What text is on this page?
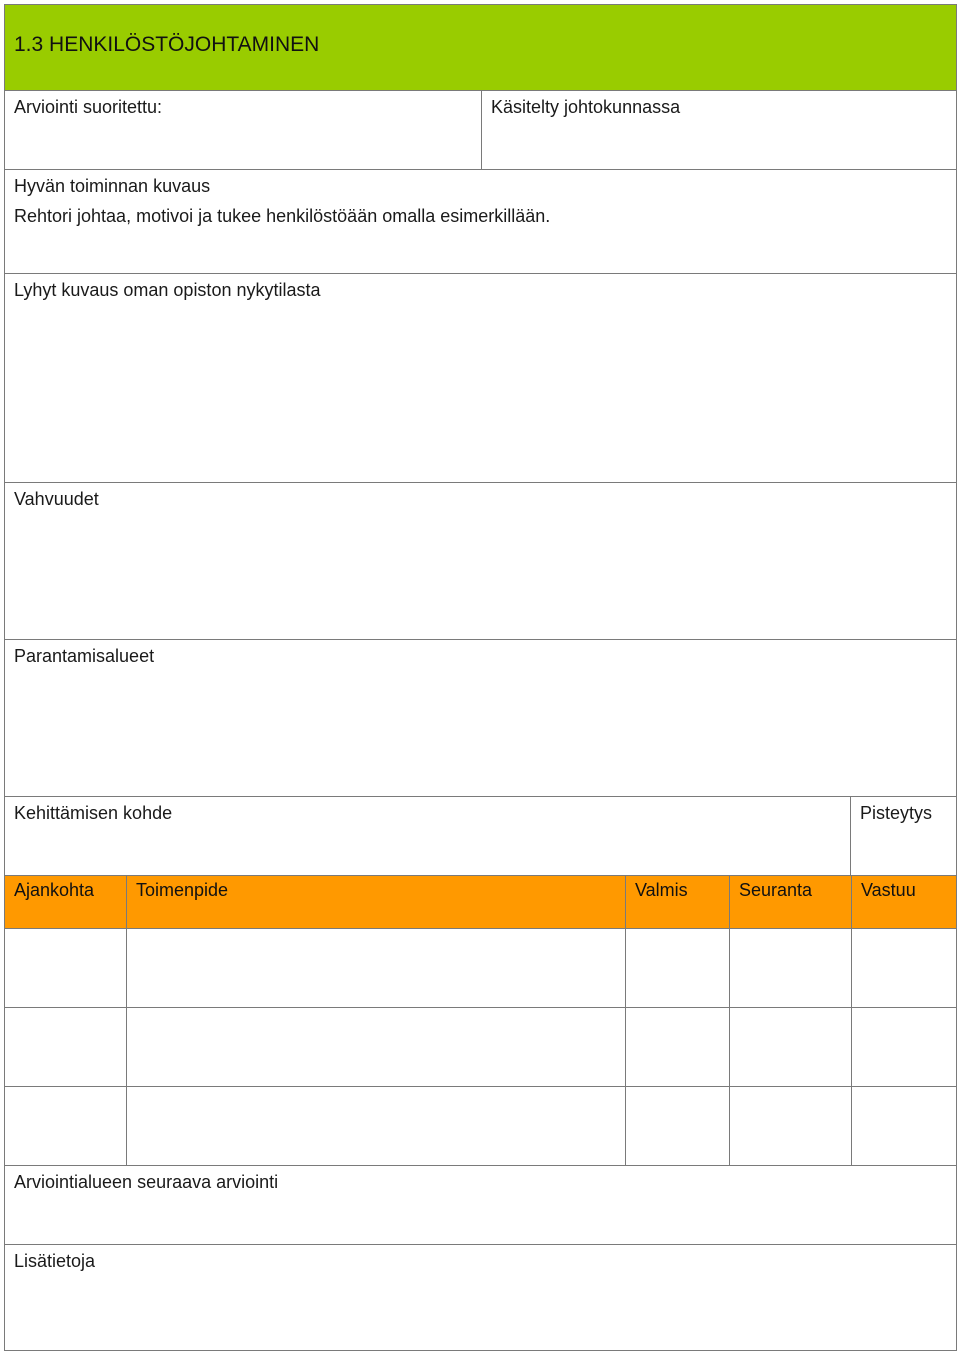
1.3 HENKILÖSTÖJOHTAMINEN
Arviointi suoritettu:	Käsitelty johtokunnassa
Hyvän toiminnan kuvaus
Rehtori johtaa, motivoi ja tukee henkilöstöään omalla esimerkillään.
Lyhyt kuvaus oman opiston nykytilasta
Vahvuudet
Parantamisalueet
Kehittämisen kohde	Pisteytys
Ajankohta	Toimenpide	Valmis	Seuranta	Vastuu
Arviointialueen seuraava arviointi
Lisätietoja
